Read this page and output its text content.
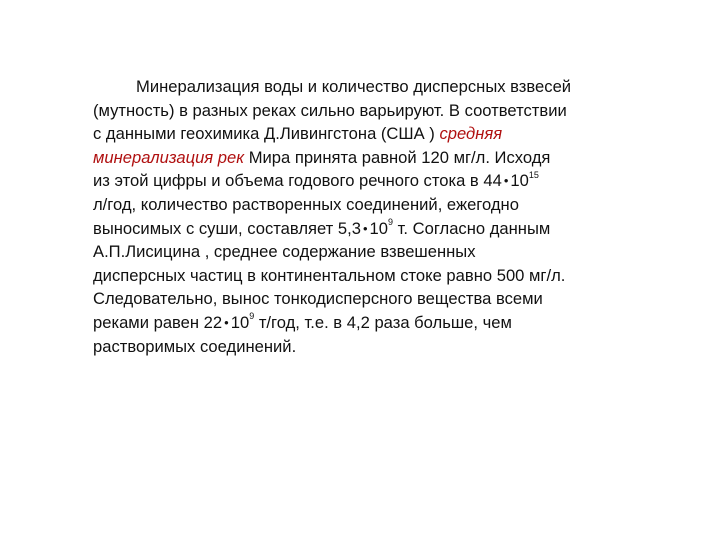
Минерализация воды и количество дисперсных взвесей
(мутность) в разных реках сильно варьируют. В соответствии
с данными геохимика Д.Ливингстона (США ) средняя
минерализация рек Мира принята равной 120 мг/л. Исходя
из этой цифры и объема годового речного стока в 44 • $10^{15}$
л/год, количество растворенных соединений, ежегодно
выносимых с суши, составляет 5,3 • $10^9$ т. Согласно данным
А.П.Лисицина , среднее содержание взвешенных
дисперсных частиц в континентальном стоке равно 500 мг/л.
Следовательно, вынос тонкодисперсного вещества всеми
реками равен 22 • $10^9$ т/год, т.е. в 4,2 раза больше, чем
растворимых соединений.
